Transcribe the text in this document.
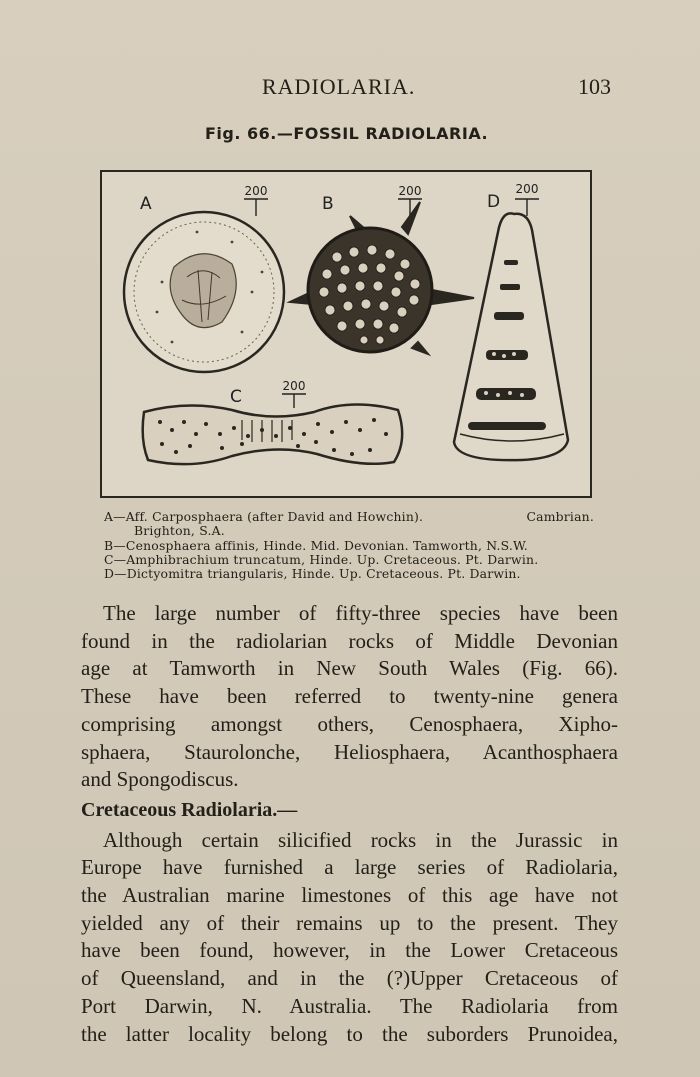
RADIOLARIA.	103
Fig. 66.—FOSSIL RADIOLARIA.
200	200	200
200
A	B	D
C
A—Aff. Carposphaera (after David and Howchin).	Cambrian.
Brighton, S.A.
B—Cenosphaera affinis, Hinde. Mid. Devonian. Tamworth, N.S.W.
C—Amphibrachium truncatum, Hinde. Up. Cretaceous. Pt. Darwin.
D—Dictyomitra triangularis, Hinde. Up. Cretaceous. Pt. Darwin.

The large number of fifty-three species have been
found in the radiolarian rocks of Middle Devonian
age at Tamworth in New South Wales (Fig. 66).
These have been referred to twenty-nine genera
comprising amongst others, Cenosphaera, Xipho-
sphaera, Staurolonche, Heliosphaera, Acanthosphaera
and Spongodiscus.

Cretaceous Radiolaria.—

Although certain silicified rocks in the Jurassic in
Europe have furnished a large series of Radiolaria,
the Australian marine limestones of this age have not
yielded any of their remains up to the present. They
have been found, however, in the Lower Cretaceous
of Queensland, and in the (?)Upper Cretaceous of
Port Darwin, N. Australia. The Radiolaria from
the latter locality belong to the suborders Prunoidea,
